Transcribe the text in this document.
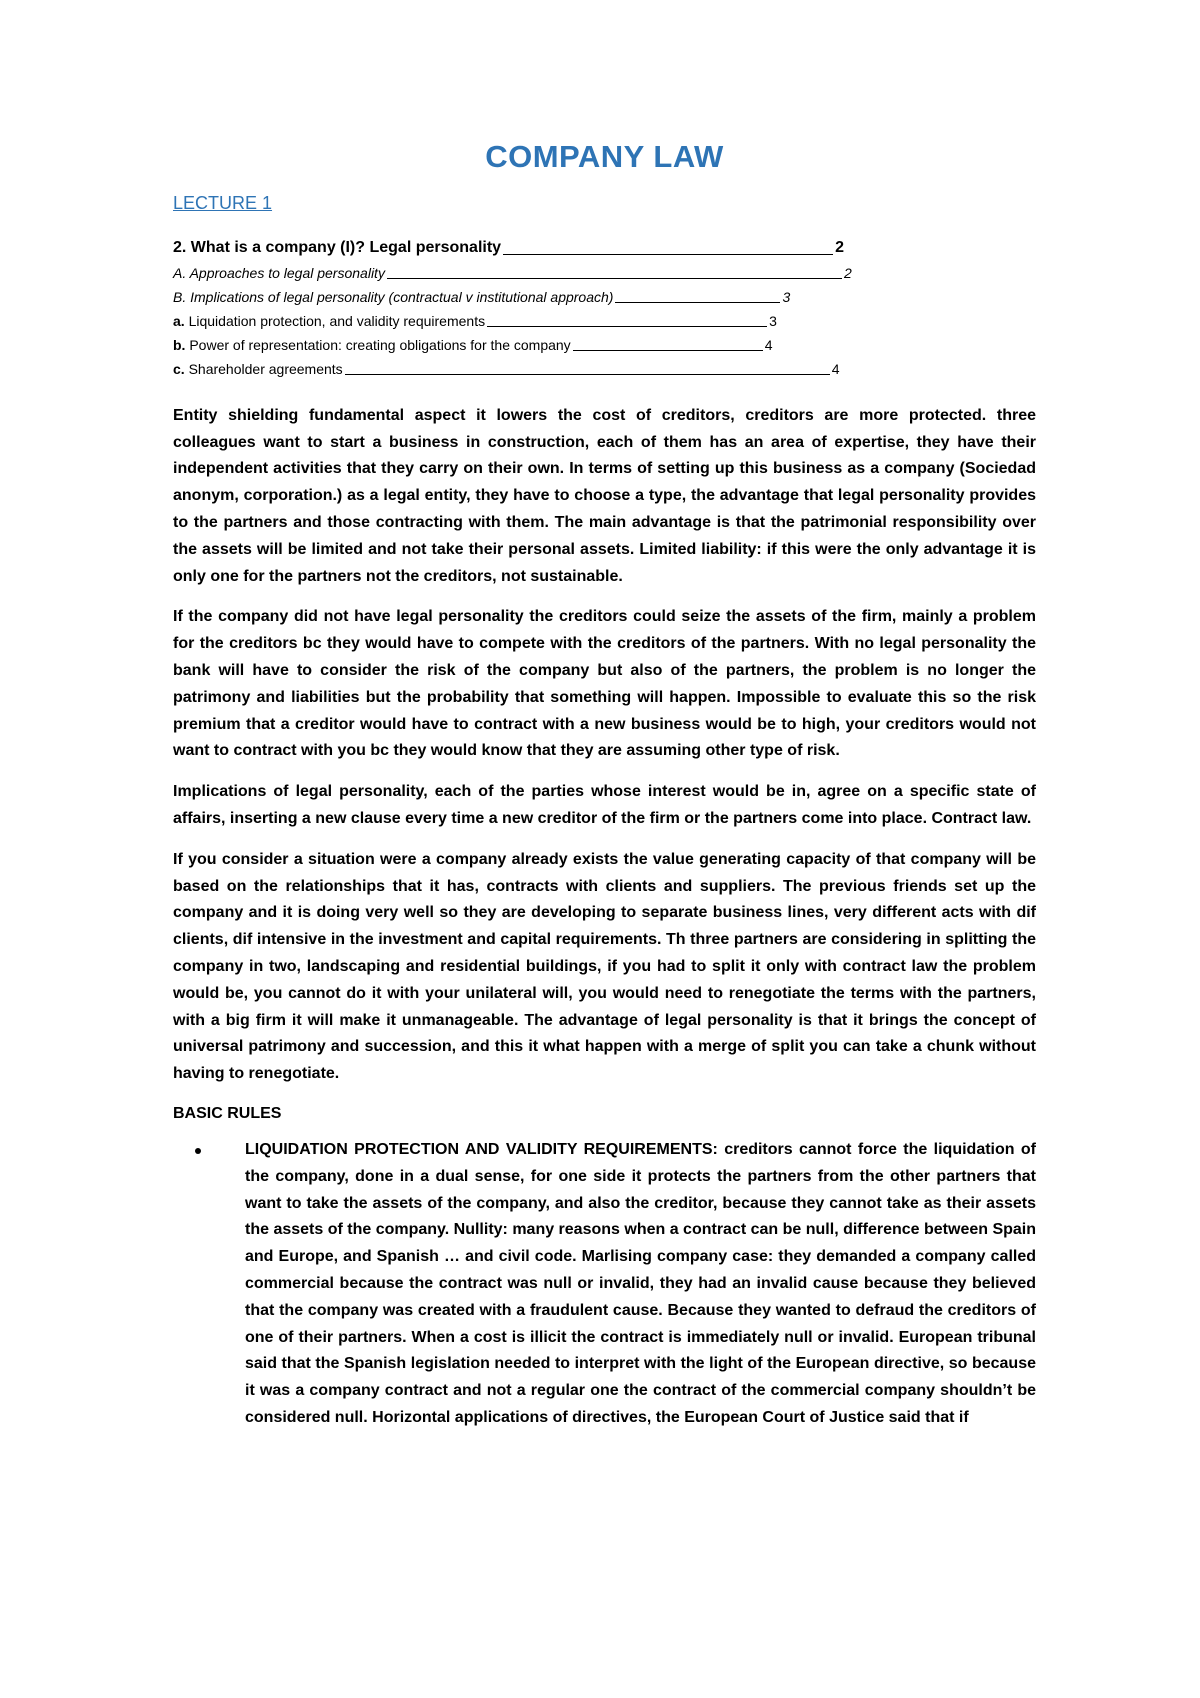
COMPANY LAW
LECTURE 1
2. What is a company (I)? Legal personality	2
A. Approaches to legal personality	2
B. Implications of legal personality (contractual v institutional approach)	3
a. Liquidation protection, and validity requirements	3
b. Power of representation: creating obligations for the company	4
c. Shareholder agreements	4

Entity shielding fundamental aspect it lowers the cost of creditors, creditors are more protected. three colleagues want to start a business in construction, each of them has an area of expertise, they have their independent activities that they carry on their own. In terms of setting up this business as a company (Sociedad anonym, corporation.) as a legal entity, they have to choose a type, the advantage that legal personality provides to the partners and those contracting with them. The main advantage is that the patrimonial responsibility over the assets will be limited and not take their personal assets. Limited liability: if this were the only advantage it is only one for the partners not the creditors, not sustainable.

If the company did not have legal personality the creditors could seize the assets of the firm, mainly a problem for the creditors bc they would have to compete with the creditors of the partners. With no legal personality the bank will have to consider the risk of the company but also of the partners, the problem is no longer the patrimony and liabilities but the probability that something will happen. Impossible to evaluate this so the risk premium that a creditor would have to contract with a new business would be to high, your creditors would not want to contract with you bc they would know that they are assuming other type of risk.

Implications of legal personality, each of the parties whose interest would be in, agree on a specific state of affairs, inserting a new clause every time a new creditor of the firm or the partners come into place. Contract law.

If you consider a situation were a company already exists the value generating capacity of that company will be based on the relationships that it has, contracts with clients and suppliers. The previous friends set up the company and it is doing very well so they are developing to separate business lines, very different acts with dif clients, dif intensive in the investment and capital requirements. Th three partners are considering in splitting the company in two, landscaping and residential buildings, if you had to split it only with contract law the problem would be, you cannot do it with your unilateral will, you would need to renegotiate the terms with the partners, with a big firm it will make it unmanageable. The advantage of legal personality is that it brings the concept of universal patrimony and succession, and this it what happen with a merge of split you can take a chunk without having to renegotiate.

BASIC RULES
LIQUIDATION PROTECTION AND VALIDITY REQUIREMENTS: creditors cannot force the liquidation of the company, done in a dual sense, for one side it protects the partners from the other partners that want to take the assets of the company, and also the creditor, because they cannot take as their assets the assets of the company. Nullity: many reasons when a contract can be null, difference between Spain and Europe, and Spanish … and civil code. Marlising company case: they demanded a company called commercial because the contract was null or invalid, they had an invalid cause because they believed that the company was created with a fraudulent cause. Because they wanted to defraud the creditors of one of their partners. When a cost is illicit the contract is immediately null or invalid. European tribunal said that the Spanish legislation needed to interpret with the light of the European directive, so because it was a company contract and not a regular one the contract of the commercial company shouldn’t be considered null. Horizontal applications of directives, the European Court of Justice said that if
